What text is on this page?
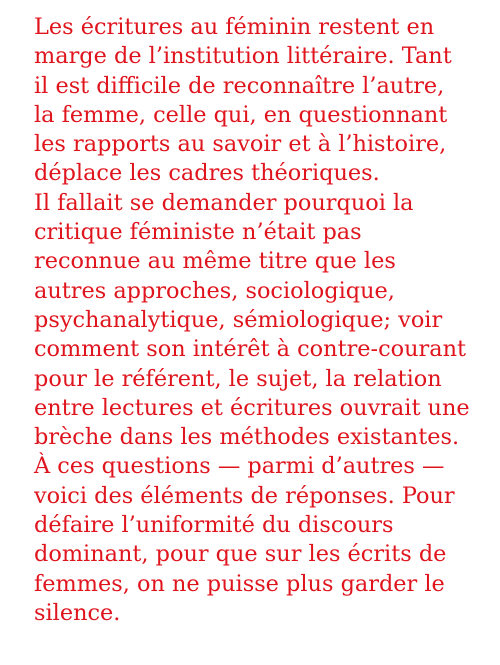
Les écritures au féminin restent en
marge de l’institution littéraire. Tant
il est difficile de reconnaître l’autre,
la femme, celle qui, en questionnant
les rapports au savoir et à l’histoire,
déplace les cadres théoriques.
Il fallait se demander pourquoi la
critique féministe n’était pas
reconnue au même titre que les
autres approches, sociologique,
psychanalytique, sémiologique; voir
comment son intérêt à contre-courant
pour le référent, le sujet, la relation
entre lectures et écritures ouvrait une
brèche dans les méthodes existantes.
À ces questions — parmi d’autres —
voici des éléments de réponses. Pour
défaire l’uniformité du discours
dominant, pour que sur les écrits de
femmes, on ne puisse plus garder le
silence.
